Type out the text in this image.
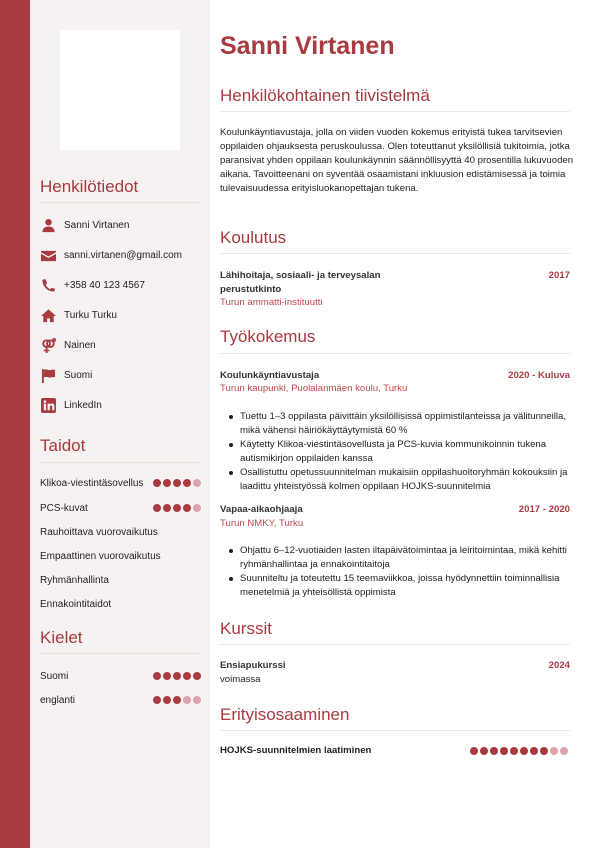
Henkilötiedot
Sanni Virtanen
sanni.virtanen@gmail.com
+358 40 123 4567
Turku Turku
Nainen
Suomi
LinkedIn
Taidot
Klikoa-viestintäsovellus
PCS-kuvat
Rauhoittava vuorovaikutus
Empaattinen vuorovaikutus
Ryhmänhallinta
Ennakointitaidot
Kielet
Suomi
englanti
Sanni Virtanen
Henkilökohtainen tiivistelmä

Koulunkäyntiavustaja, jolla on viiden vuoden kokemus erityistä tukea tarvitsevien oppilaiden ohjauksesta peruskoulussa. Olen toteuttanut yksilöllisiä tukitoimia, jotka paransivat yhden oppilaan koulunkäynnin säännöllisyyttä 40 prosentilla lukuvuoden aikana. Tavoitteenani on syventää osaamistani inkluusion edistämisessä ja toimia tulevaisuudessa erityisluokanopettajan tukena.

Koulutus
Lähihoitaja, sosiaali- ja terveysalan perustutkinto
2017
Turun ammatti-instituutti
Työkokemus
Koulunkäyntiavustaja	2020 - Kuluva
Turun kaupunki, Puolalanmäen koulu, Turku
Tuettu 1–3 oppilasta päivittäin yksilöllisissä oppimistilanteissa ja välitunneilla, mikä vähensi häiriökäyttäytymistä 60 %
Käytetty Klikoa-viestintäsovellusta ja PCS-kuvia kommunikoinnin tukena autismikirjon oppilaiden kanssa
Osallistuttu opetussuunnitelman mukaisiin oppilashuoltoryhmän kokouksiin ja laadittu yhteistyössä kolmen oppilaan HOJKS-suunnitelmia
Vapaa-aikaohjaaja	2017 - 2020
Turun NMKY, Turku
Ohjattu 6–12-vuotiaiden lasten iltapäivätoimintaa ja leiritoimintaa, mikä kehitti ryhmänhallintaa ja ennakointitaitoja
Suunniteltu ja toteutettu 15 teemaviikkoa, joissa hyödynnettiin toiminnallisia menetelmiä ja yhteisöllistä oppimista
Kurssit
Ensiapukurssi	2024
voimassa
Erityisosaaminen
HOJKS-suunnitelmien laatiminen
